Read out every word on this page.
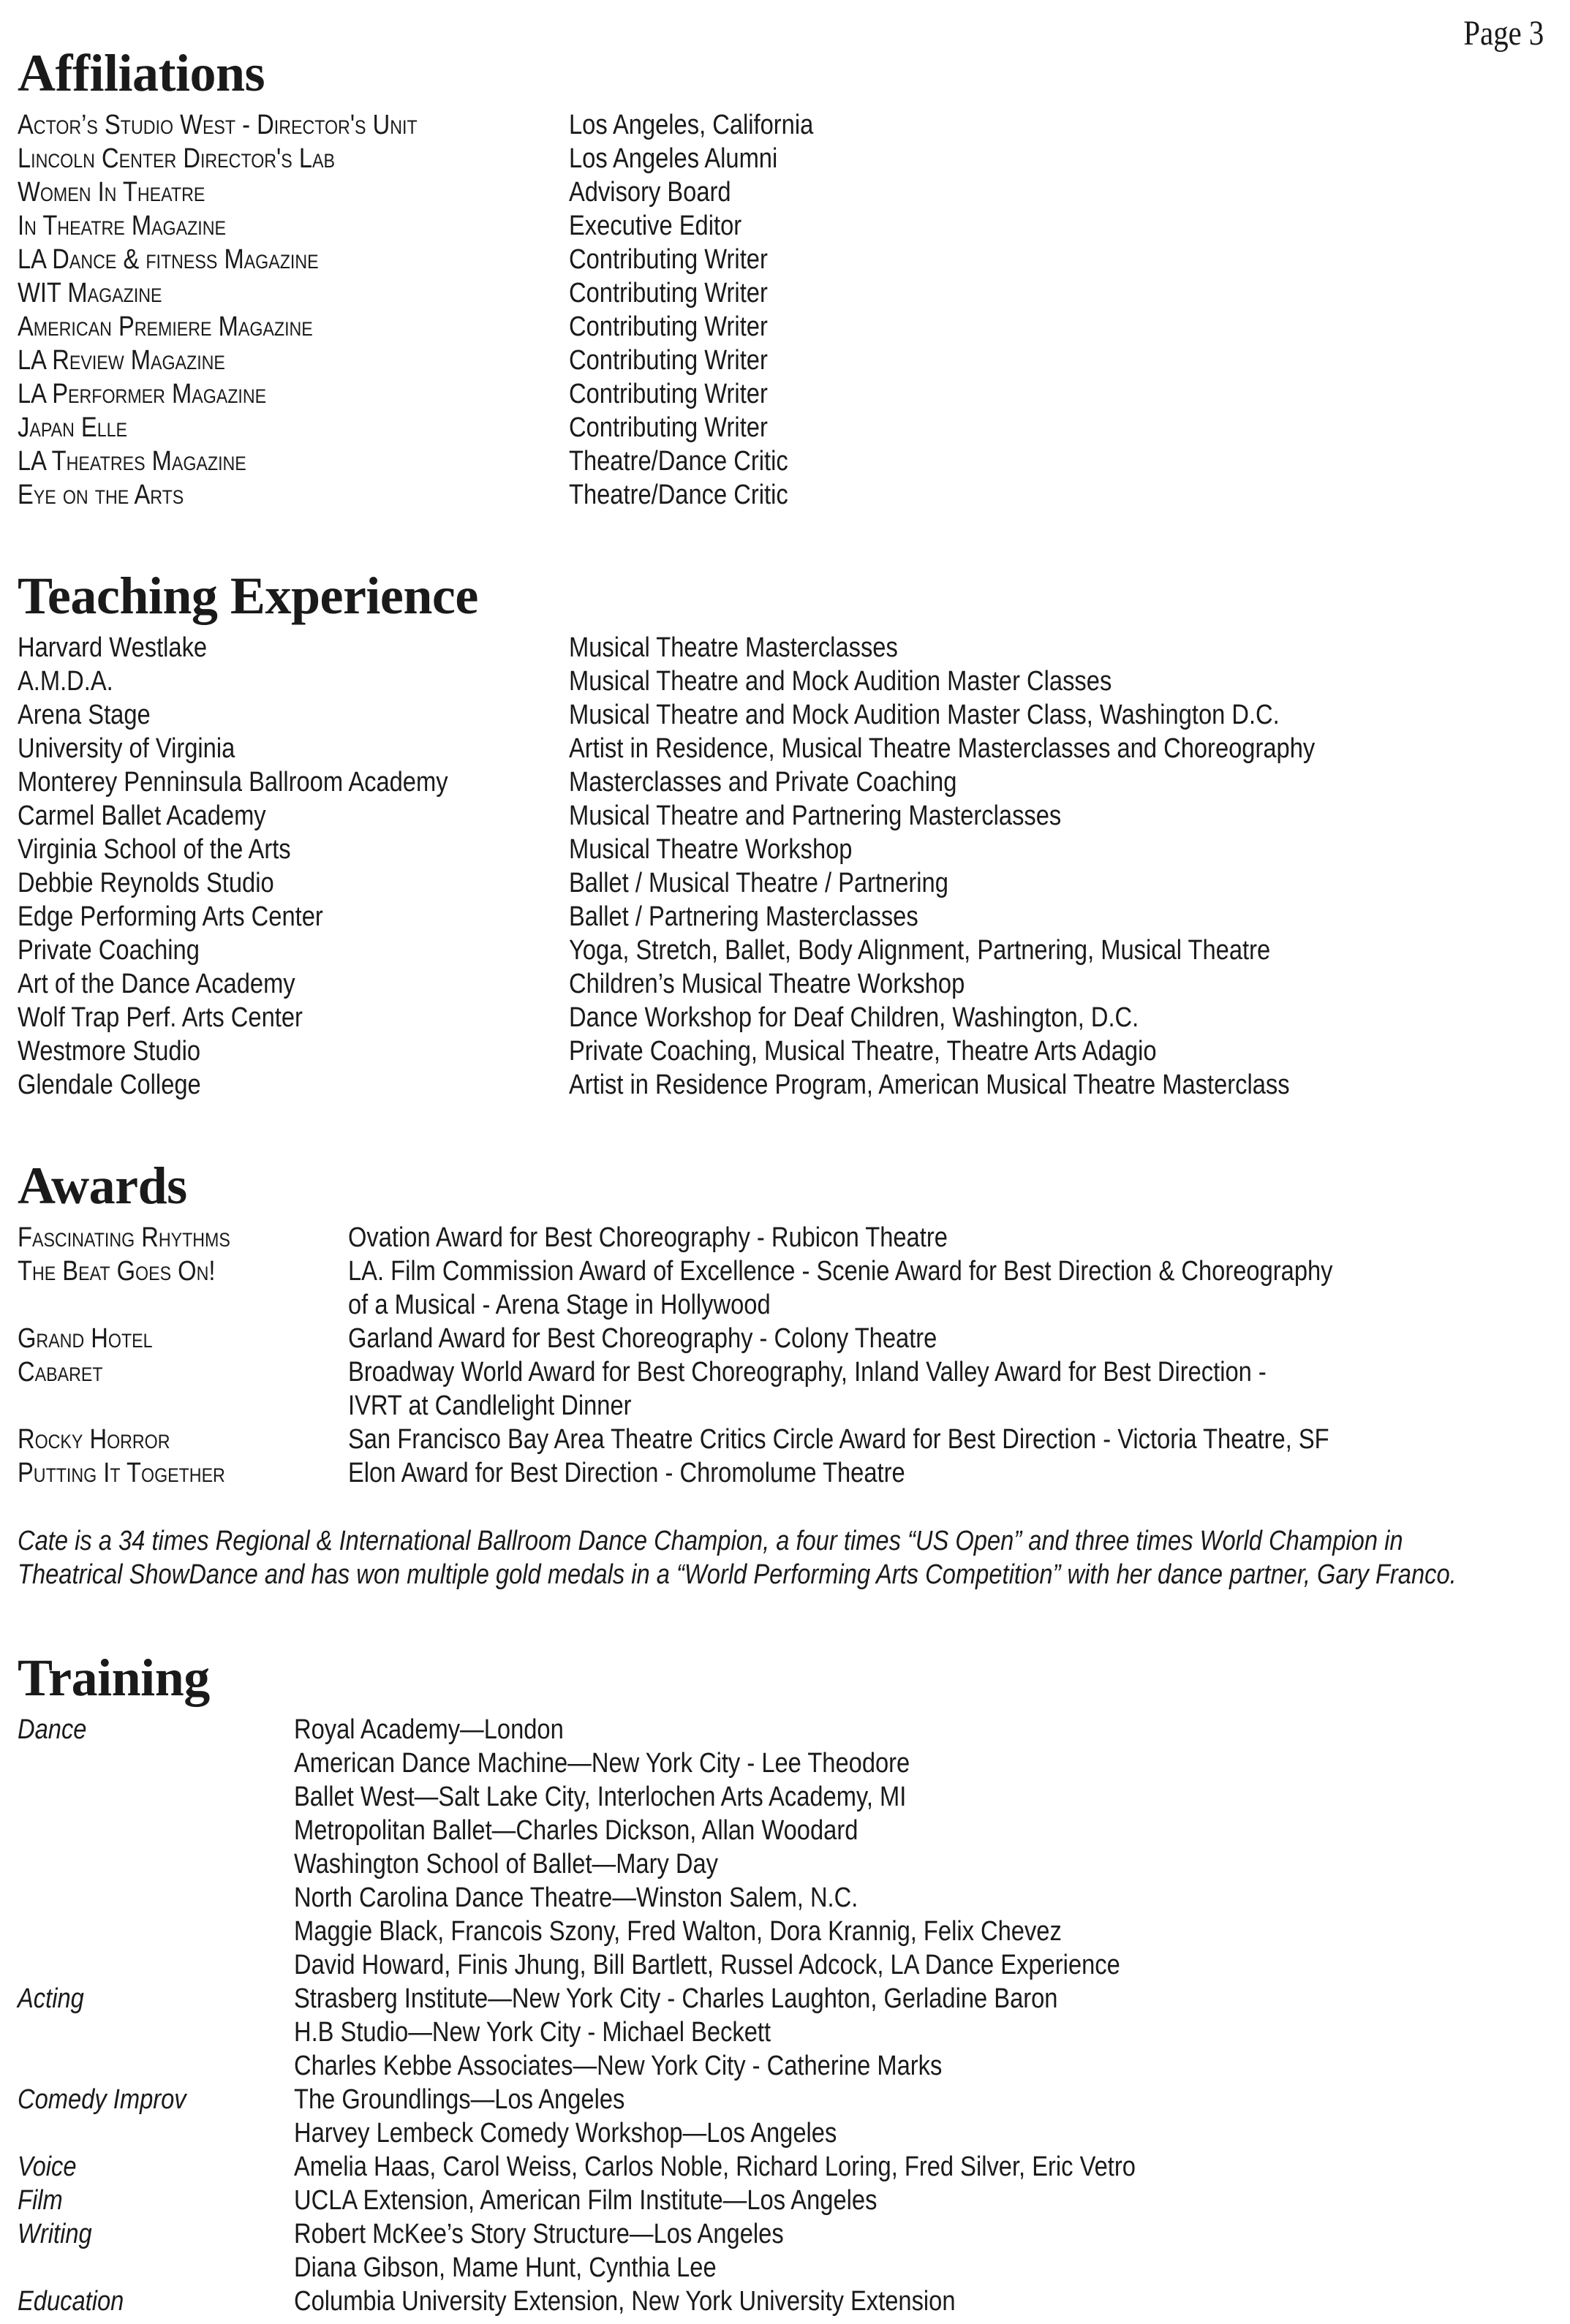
Page 3
Affiliations
Actor’s Studio West - Director's Unit	Los Angeles, California
Lincoln Center Director's Lab	Los Angeles Alumni
Women In Theatre	Advisory Board
In Theatre Magazine	Executive Editor
LA Dance & fitness Magazine	Contributing Writer
WIT Magazine	Contributing Writer
American Premiere Magazine	Contributing Writer
LA Review Magazine	Contributing Writer
LA Performer Magazine	Contributing Writer
Japan Elle	Contributing Writer
LA Theatres Magazine	Theatre/Dance Critic
Eye on the Arts	Theatre/Dance Critic
Teaching Experience
Harvard Westlake	Musical Theatre Masterclasses
A.M.D.A.	Musical Theatre and Mock Audition Master Classes
Arena Stage	Musical Theatre and Mock Audition Master Class, Washington D.C.
University of Virginia	Artist in Residence, Musical Theatre Masterclasses and Choreography
Monterey Penninsula Ballroom Academy	Masterclasses and Private Coaching
Carmel Ballet Academy	Musical Theatre and Partnering Masterclasses
Virginia School of the Arts	Musical Theatre Workshop
Debbie Reynolds Studio	Ballet / Musical Theatre / Partnering
Edge Performing Arts Center	Ballet / Partnering Masterclasses
Private Coaching	Yoga, Stretch, Ballet, Body Alignment, Partnering, Musical Theatre
Art of the Dance Academy	Children’s Musical Theatre Workshop
Wolf Trap Perf. Arts Center	Dance Workshop for Deaf Children, Washington, D.C.
Westmore Studio	Private Coaching, Musical Theatre, Theatre Arts Adagio
Glendale College	Artist in Residence Program, American Musical Theatre Masterclass
Awards
Fascinating Rhythms	Ovation Award for Best Choreography - Rubicon Theatre
The Beat Goes On!	LA. Film Commission Award of Excellence - Scenie Award for Best Direction & Choreography
of a Musical - Arena Stage in Hollywood
Grand Hotel	Garland Award for Best Choreography - Colony Theatre
Cabaret	Broadway World Award for Best Choreography, Inland Valley Award for Best Direction -
IVRT at Candlelight Dinner
Rocky Horror	San Francisco Bay Area Theatre Critics Circle Award for Best Direction - Victoria Theatre, SF
Putting It Together	Elon Award for Best Direction - Chromolume Theatre
Cate is a 34 times Regional & International Ballroom Dance Champion, a four times “US Open” and three times World Champion in
Theatrical ShowDance and has won multiple gold medals in a “World Performing Arts Competition” with her dance partner, Gary Franco.
Training
Dance	Royal Academy—London
American Dance Machine—New York City - Lee Theodore
Ballet West—Salt Lake City, Interlochen Arts Academy, MI
Metropolitan Ballet—Charles Dickson, Allan Woodard
Washington School of Ballet—Mary Day
North Carolina Dance Theatre—Winston Salem, N.C.
Maggie Black, Francois Szony, Fred Walton, Dora Krannig, Felix Chevez
David Howard, Finis Jhung, Bill Bartlett, Russel Adcock, LA Dance Experience
Acting	Strasberg Institute—New York City - Charles Laughton, Gerladine Baron
H.B Studio—New York City - Michael Beckett
Charles Kebbe Associates—New York City - Catherine Marks
Comedy Improv	The Groundlings—Los Angeles
Harvey Lembeck Comedy Workshop—Los Angeles
Voice	Amelia Haas, Carol Weiss, Carlos Noble, Richard Loring, Fred Silver, Eric Vetro
Film	UCLA Extension, American Film Institute—Los Angeles
Writing	Robert McKee’s Story Structure—Los Angeles
Diana Gibson, Mame Hunt, Cynthia Lee
Education	Columbia University Extension, New York University Extension
